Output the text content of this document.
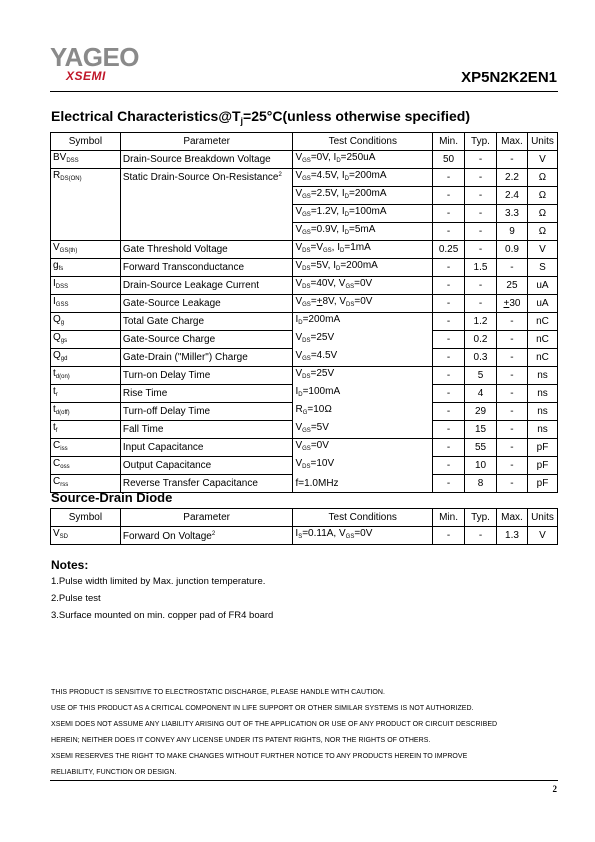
YAGEO
XSEMI	XP5N2K2EN1
Electrical $Characteristics@T_j=25^\circ C(unless$ otherwise specified)
Symbol	Parameter	Test Conditions	Min.	Typ.	Max.	Units
$BV_{DSS}$	Drain-Source Breakdown Voltage	$V_{GS}=0V$, $I_D=250uA$	50	-	-	V
$R_{DS(ON)}$	Static Drain-Source On-Resistance$^2$	$V_{GS}=4.5V$, $I_D=200mA$	-	-	2.2	Ω
		$V_{GS}=2.5V$, $I_D=200mA$	-	-	2.4	Ω
		$V_{GS}=1.2V$, $I_D=100mA$	-	-	3.3	Ω
		$V_{GS}=0.9V$, $I_D=5mA$	-	-	9	Ω
$V_{GS(th)}$	Gate Threshold Voltage	$V_{DS}=V_{GS}$, $I_D=1mA$	0.25	-	0.9	V
$g_{fs}$	Forward Transconductance	$V_{DS}=5V$, $I_D=200mA$	-	1.5	-	S
$I_{DSS}$	Drain-Source Leakage Current	$V_{DS}=40V$, $V_{GS}=0V$	-	-	25	uA
$I_{GSS}$	Gate-Source Leakage	$V_{GS}=+8V$, $V_{DS}=0V$	-	-	+30	uA
$Q_g$	Total Gate Charge	$I_D=200mA$	-	1.2	-	nC
$Q_{gs}$	Gate-Source Charge	$V_{DS}=25V$	-	0.2	-	nC
$Q_{gd}$	Gate-Drain ("Miller") Charge	$V_{GS}=4.5V$	-	0.3	-	nC
$t_{d(on)}$	Turn-on Delay Time	$V_{DS}=25V$	-	5	-	ns
$t_r$	Rise Time	$I_D=100mA$	-	4	-	ns
$t_{d(off)}$	Turn-off Delay Time	$R_G=10Ω$	-	29	-	ns
$t_f$	Fall Time	$V_{GS}=5V$	-	15	-	ns
$C_{iss}$	Input Capacitance	$V_{GS}=0V$	-	55	-	pF
$C_{oss}$	Output Capacitance	$V_{DS}=10V$	-	10	-	pF
$C_{rss}$	Reverse Transfer Capacitance	f=1.0MHz	-	8	-	pF
Source-Drain Diode
Symbol	Parameter	Test Conditions	Min.	Typ.	Max.	Units
$V_{SD}$	Forward On Voltage$^2$	$I_S=0.11A$, $V_{GS}=0V$	-	-	1.3	V
Notes:
1.Pulse width limited by Max. junction temperature.
2.Pulse test
3.Surface mounted on min. copper pad of FR4 board
THIS PRODUCT IS SENSITIVE TO ELECTROSTATIC DISCHARGE, PLEASE HANDLE WITH CAUTION.
USE OF THIS PRODUCT AS A CRITICAL COMPONENT IN LIFE SUPPORT OR OTHER SIMILAR SYSTEMS IS NOT AUTHORIZED.
XSEMI DOES NOT ASSUME ANY LIABILITY ARISING OUT OF THE APPLICATION OR USE OF ANY PRODUCT OR CIRCUIT DESCRIBED
HEREIN; NEITHER DOES IT CONVEY ANY LICENSE UNDER ITS PATENT RIGHTS, NOR THE RIGHTS OF OTHERS.
XSEMI RESERVES THE RIGHT TO MAKE CHANGES WITHOUT FURTHER NOTICE TO ANY PRODUCTS HEREIN TO IMPROVE
RELIABILITY, FUNCTION OR DESIGN.
2
